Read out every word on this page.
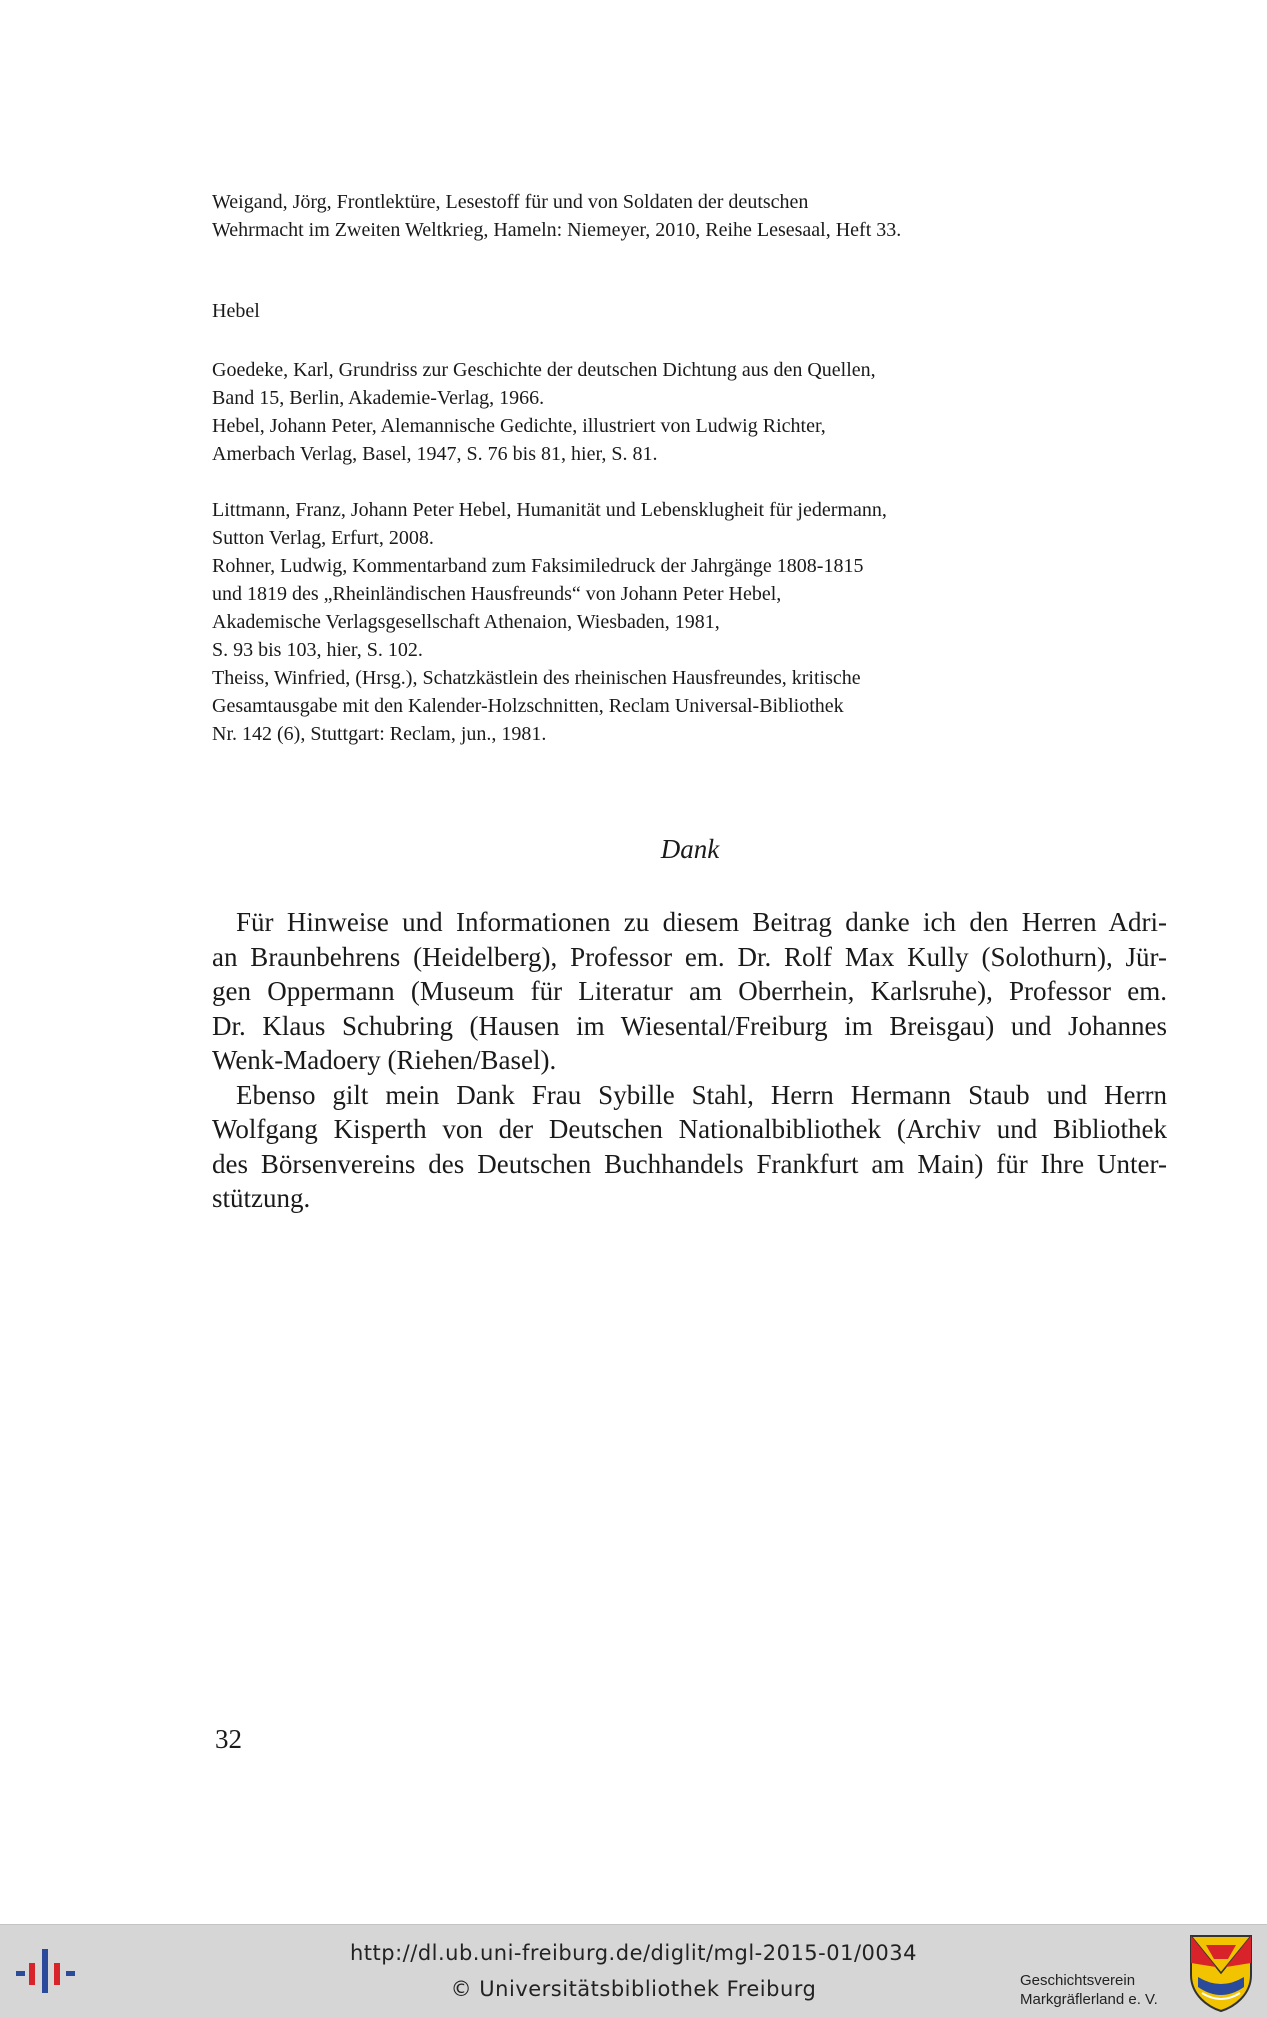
Weigand, Jörg, Frontlektüre, Lesestoff für und von Soldaten der deutschen
Wehrmacht im Zweiten Weltkrieg, Hameln: Niemeyer, 2010, Reihe Lesesaal, Heft 33.

Hebel

Goedeke, Karl, Grundriss zur Geschichte der deutschen Dichtung aus den Quellen,
Band 15, Berlin, Akademie-Verlag, 1966.

Hebel, Johann Peter, Alemannische Gedichte, illustriert von Ludwig Richter,
Amerbach Verlag, Basel, 1947, S. 76 bis 81, hier, S. 81.

Littmann, Franz, Johann Peter Hebel, Humanität und Lebensklugheit für jedermann,
Sutton Verlag, Erfurt, 2008.

Rohner, Ludwig, Kommentarband zum Faksimiledruck der Jahrgänge 1808-1815
und 1819 des „Rheinländischen Hausfreunds“ von Johann Peter Hebel,
Akademische Verlagsgesellschaft Athenaion, Wiesbaden, 1981,
S. 93 bis 103, hier, S. 102.

Theiss, Winfried, (Hrsg.), Schatzkästlein des rheinischen Hausfreundes, kritische
Gesamtausgabe mit den Kalender-Holzschnitten, Reclam Universal-Bibliothek
Nr. 142 (6), Stuttgart: Reclam, jun., 1981.

Dank

Für Hinweise und Informationen zu diesem Beitrag danke ich den Herren Adri-
an Braunbehrens (Heidelberg), Professor em. Dr. Rolf Max Kully (Solothurn), Jür-
gen Oppermann (Museum für Literatur am Oberrhein, Karlsruhe), Professor em.
Dr. Klaus Schubring (Hausen im Wiesental/Freiburg im Breisgau) und Johannes
Wenk-Madoery (Riehen/Basel).

Ebenso gilt mein Dank Frau Sybille Stahl, Herrn Hermann Staub und Herrn
Wolfgang Kisperth von der Deutschen Nationalbibliothek (Archiv und Bibliothek
des Börsenvereins des Deutschen Buchhandels Frankfurt am Main) für Ihre Unter-
stützung.

32
http://dl.ub.uni-freiburg.de/diglit/mgl-2015-01/0034
© Universitätsbibliothek Freiburg	Geschichtsverein
Markgräflerland e. V.
